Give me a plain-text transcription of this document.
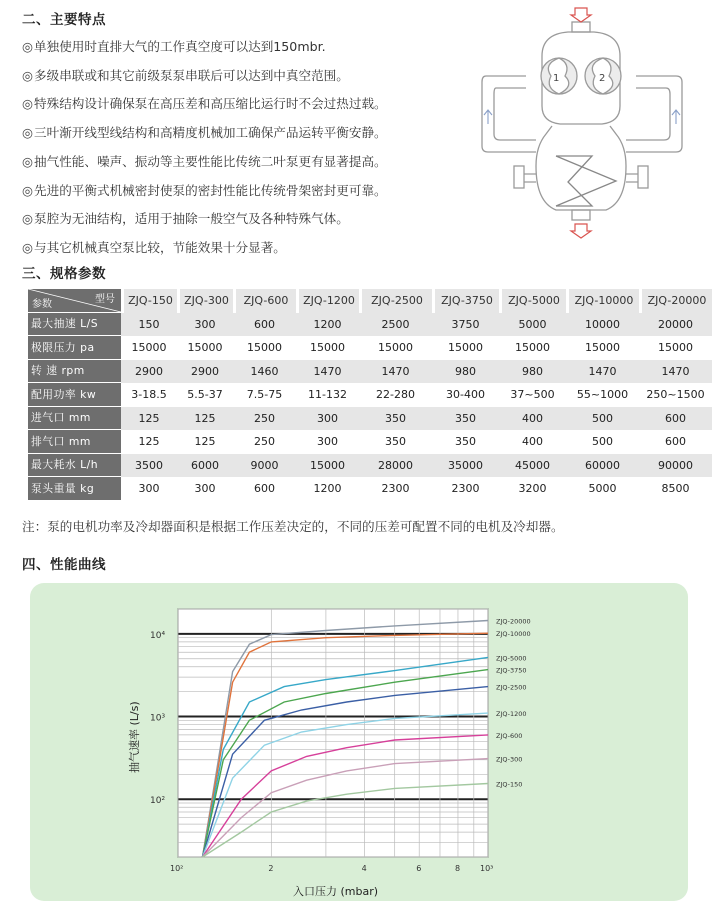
二、主要特点
◎单独使用时直排大气的工作真空度可以达到150mbr.
◎多级串联或和其它前级泵泵串联后可以达到中真空范围。
◎特殊结构设计确保泵在高压差和高压缩比运行时不会过热过载。
◎三叶渐开线型线结构和高精度机械加工确保产品运转平衡安静。
◎抽气性能、噪声、振动等主要性能比传统二叶泵更有显著提高。
◎先进的平衡式机械密封使泵的密封性能比传统骨架密封更可靠。
◎泵腔为无油结构，适用于抽除一般空气及各种特殊气体。
◎与其它机械真空泵比较，节能效果十分显著。
1	2
三、规格参数
型号
参数	ZJQ-150	ZJQ-300	ZJQ-600	ZJQ-1200	ZJQ-2500	ZJQ-3750	ZJQ-5000	ZJQ-10000	ZJQ-20000
最大抽速 L/S	150	300	600	1200	2500	3750	5000	10000	20000
极限压力 pa	15000	15000	15000	15000	15000	15000	15000	15000	15000
转 速 rpm	2900	2900	1460	1470	1470	980	980	1470	1470
配用功率 kw	3-18.5	5.5-37	7.5-75	11-132	22-280	30-400	37~500	55~1000	250~1500
进气口 mm	125	125	250	300	350	350	400	500	600
排气口 mm	125	125	250	300	350	350	400	500	600
最大耗水 L/h	3500	6000	9000	15000	28000	35000	45000	60000	90000
泵头重量 kg	300	300	600	1200	2300	2300	3200	5000	8500
注：泵的电机功率及冷却器面积是根据工作压差决定的，不同的压差可配置不同的电机及冷却器。
四、性能曲线
ZJQ-20000
ZJQ-10000
ZJQ-5000
ZJQ-3750
ZJQ-2500
ZJQ-1200
ZJQ-600
ZJQ-300
ZJQ-150
10²
10³
10⁴
10²	2	4	6	8 10³
入口压力 (mbar)
抽气速率 (L/s)
